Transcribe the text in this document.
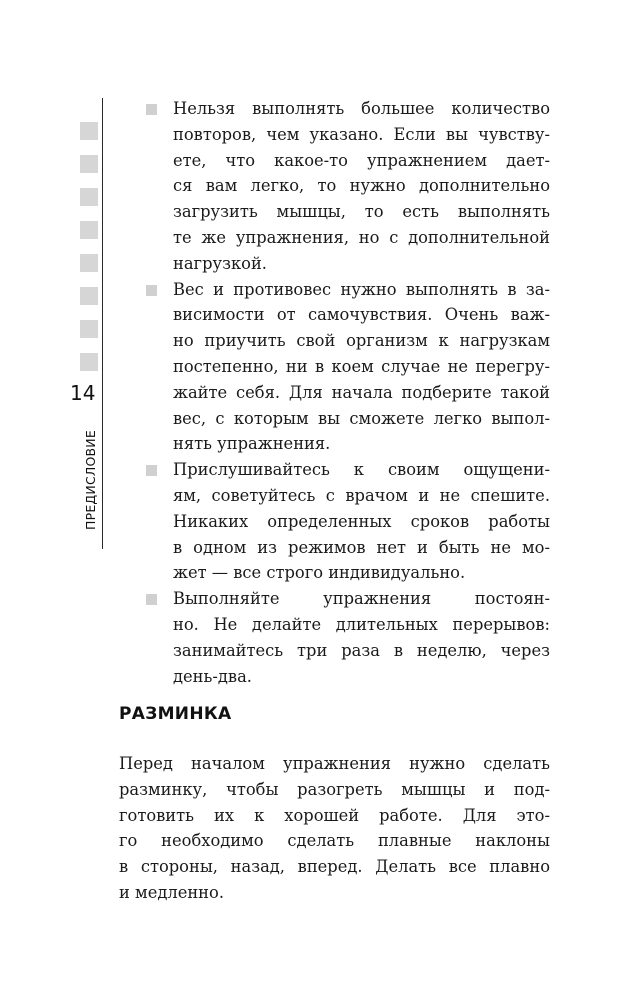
14
ПРЕДИСЛОВИЕ
Нельзя выполнять большее количество
повторов, чем указано. Если вы чувству-
ете, что какое-то упражнением дает-
ся вам легко, то нужно дополнительно
загрузить мышцы, то есть выполнять
те же упражнения, но с дополнительной
нагрузкой.
Вес и противовес нужно выполнять в за-
висимости от самочувствия. Очень важ-
но приучить свой организм к нагрузкам
постепенно, ни в коем случае не перегру-
жайте себя. Для начала подберите такой
вес, с которым вы сможете легко выпол-
нять упражнения.
Прислушивайтесь к своим ощущени-
ям, советуйтесь с врачом и не спешите.
Никаких определенных сроков работы
в одном из режимов нет и быть не мо-
жет — все строго индивидуально.
Выполняйте упражнения постоян-
но. Не делайте длительных перерывов:
занимайтесь три раза в неделю, через
день-два.
РАЗМИНКА
Перед началом упражнения нужно сделать
разминку, чтобы разогреть мышцы и под-
готовить их к хорошей работе. Для это-
го необходимо сделать плавные наклоны
в стороны, назад, вперед. Делать все плавно
и медленно.
